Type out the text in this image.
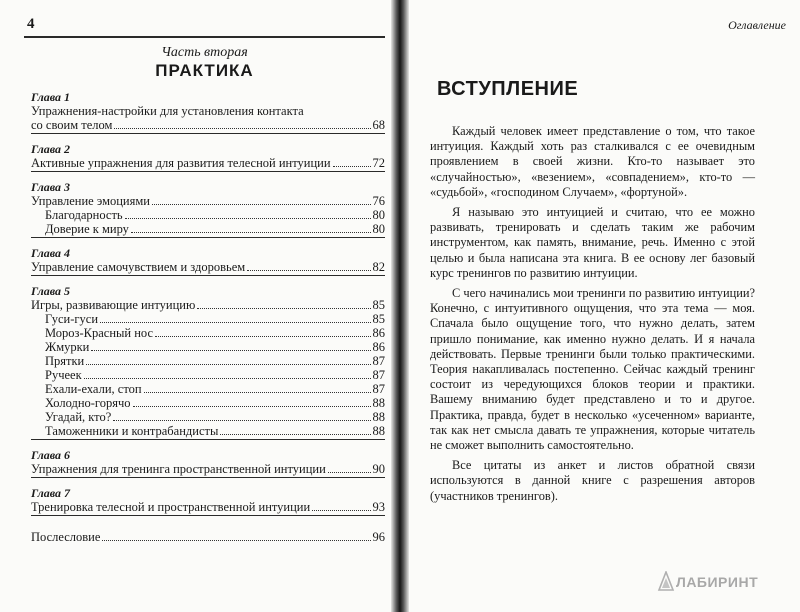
4	Оглавление
Часть вторая
ПРАКТИКА
Глава 1
Упражнения-настройки для установления контакта
со своим телом	68
Глава 2
Активные упражнения для развития телесной интуиции	72
Глава 3
Управление эмоциями	76
Благодарность	80
Доверие к миру	80
Глава 4
Управление самочувствием и здоровьем	82
Глава 5
Игры, развивающие интуицию	85
Гуси-гуси	85
Мороз-Красный нос	86
Жмурки	86
Прятки	87
Ручеек	87
Ехали-ехали, стоп	87
Холодно-горячо	88
Угадай, кто?	88
Таможенники и контрабандисты	88
Глава 6
Упражнения для тренинга пространственной интуиции	90
Глава 7
Тренировка телесной и пространственной интуиции	93
Послесловие	96
ВСТУПЛЕНИЕ

Каждый человек имеет представление о том, что такое интуиция. Каждый хоть раз сталкивался с ее очевидным проявлением в своей жизни. Кто-то называет это «случайностью», «везением», «совпадением», кто-то — «судьбой», «господином Случаем», «фортуной».

Я называю это интуицией и считаю, что ее можно развивать, тренировать и сделать таким же рабочим инструментом, как память, внимание, речь. Именно с этой целью и была написана эта книга. В ее основу лег базовый курс тренингов по развитию интуиции.

С чего начинались мои тренинги по развитию интуиции? Конечно, с интуитивного ощущения, что эта тема — моя. Спачала было ощущение того, что нужно делать, затем пришло понимание, как именно нужно делать. И я начала действовать. Первые тренинги были только практическими. Теория накапливалась постепенно. Сейчас каждый тренинг состоит из чередующихся блоков теории и практики. Вашему вниманию будет представлено и то и другое. Практика, правда, будет в несколько «усеченном» варианте, так как нет смысла давать те упражнения, которые читатель не сможет выполнить самостоятельно.

Все цитаты из анкет и листов обратной связи используются в данной книге с разрешения авторов (участников тренингов).

ЛАБИРИНТ
